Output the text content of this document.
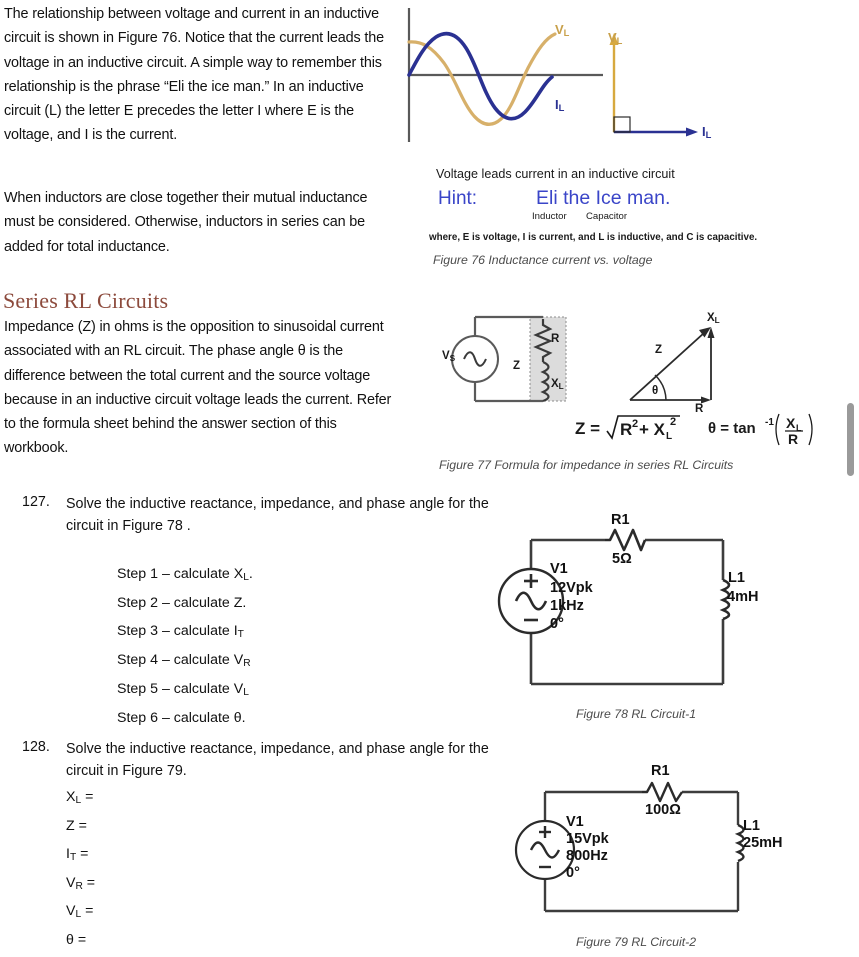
The relationship between voltage and current in an inductive circuit is shown in Figure 76. Notice that the current leads the voltage in an inductive circuit. A simple way to remember this relationship is the phrase “Eli the ice man.” In an inductive circuit (L) the letter E precedes the letter I where E is the voltage, and I is the current.

When inductors are close together their mutual inductance must be considered. Otherwise, inductors in series can be added for total inductance.

Series RL Circuits

Impedance (Z) in ohms is the opposition to sinusoidal current associated with an RL circuit. The phase angle θ is the difference between the total current and the source voltage because in an inductive circuit voltage leads the current. Refer to the formula sheet behind the answer section of this workbook.

$V_L$
$I_L$
$V_L$
$I_L$
Voltage leads current in an inductive circuit
Hint:	Eli the Ice man.
Inductor Capacitor
where, E is voltage, I is current, and L is inductive, and C is capacitive.
Figure 76 Inductance current vs. voltage
$V_S$
Z
R
$X_L$
$X_L$
Z
R
θ
Z = R 2 + X L
2 θ = tan -1 X L
R
Figure 77 Formula for impedance in series RL Circuits
127. Solve the inductive reactance, impedance, and phase angle for the circuit in Figure 78 .
Step 1 – calculate $X_L$.
Step 2 – calculate Z.
Step 3 – calculate $I_T$
Step 4 – calculate $V_R$
Step 5 – calculate $V_L$
Step 6 – calculate θ.
R1
5Ω
V1
12Vpk
1kHz
0°
L1
4mH
Figure 78 RL Circuit-1
128. Solve the inductive reactance, impedance, and phase angle for the circuit in Figure 79.
$X_L$ =
Z =
$I_T$ =
$V_R$ =
$V_L$ =
θ =
R1
100Ω
V1
15Vpk
800Hz
0°
L1
25mH
Figure 79 RL Circuit-2
